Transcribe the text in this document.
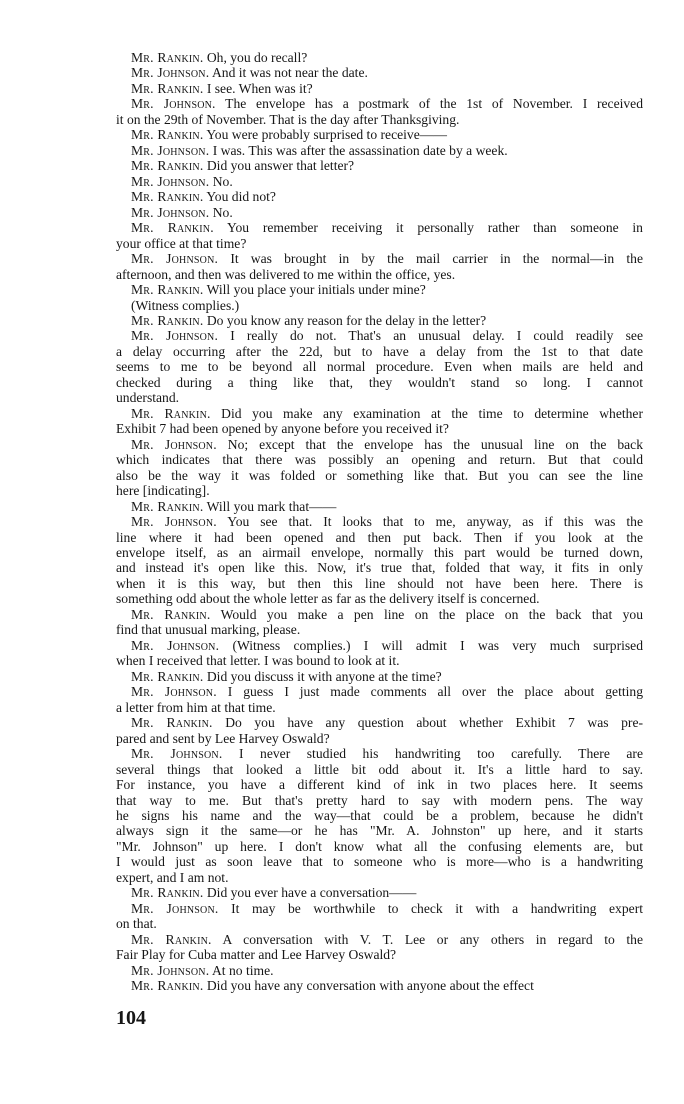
Mr. Rankin. Oh, you do recall?
Mr. Johnson. And it was not near the date.
Mr. Rankin. I see. When was it?
Mr. Johnson. The envelope has a postmark of the 1st of November. I received
it on the 29th of November. That is the day after Thanksgiving.
Mr. Rankin. You were probably surprised to receive——
Mr. Johnson. I was. This was after the assassination date by a week.
Mr. Rankin. Did you answer that letter?
Mr. Johnson. No.
Mr. Rankin. You did not?
Mr. Johnson. No.
Mr. Rankin. You remember receiving it personally rather than someone in
your office at that time?
Mr. Johnson. It was brought in by the mail carrier in the normal—in the
afternoon, and then was delivered to me within the office, yes.
Mr. Rankin. Will you place your initials under mine?
(Witness complies.)
Mr. Rankin. Do you know any reason for the delay in the letter?
Mr. Johnson. I really do not. That's an unusual delay. I could readily see
a delay occurring after the 22d, but to have a delay from the 1st to that date
seems to me to be beyond all normal procedure. Even when mails are held and
checked during a thing like that, they wouldn't stand so long. I cannot
understand.
Mr. Rankin. Did you make any examination at the time to determine whether
Exhibit 7 had been opened by anyone before you received it?
Mr. Johnson. No; except that the envelope has the unusual line on the back
which indicates that there was possibly an opening and return. But that could
also be the way it was folded or something like that. But you can see the line
here [indicating].
Mr. Rankin. Will you mark that——
Mr. Johnson. You see that. It looks that to me, anyway, as if this was the
line where it had been opened and then put back. Then if you look at the
envelope itself, as an airmail envelope, normally this part would be turned down,
and instead it's open like this. Now, it's true that, folded that way, it fits in only
when it is this way, but then this line should not have been here. There is
something odd about the whole letter as far as the delivery itself is concerned.
Mr. Rankin. Would you make a pen line on the place on the back that you
find that unusual marking, please.
Mr. Johnson. (Witness complies.) I will admit I was very much surprised
when I received that letter. I was bound to look at it.
Mr. Rankin. Did you discuss it with anyone at the time?
Mr. Johnson. I guess I just made comments all over the place about getting
a letter from him at that time.
Mr. Rankin. Do you have any question about whether Exhibit 7 was pre-
pared and sent by Lee Harvey Oswald?
Mr. Johnson. I never studied his handwriting too carefully. There are
several things that looked a little bit odd about it. It's a little hard to say.
For instance, you have a different kind of ink in two places here. It seems
that way to me. But that's pretty hard to say with modern pens. The way
he signs his name and the way—that could be a problem, because he didn't
always sign it the same—or he has "Mr. A. Johnston" up here, and it starts
"Mr. Johnson" up here. I don't know what all the confusing elements are, but
I would just as soon leave that to someone who is more—who is a handwriting
expert, and I am not.
Mr. Rankin. Did you ever have a conversation——
Mr. Johnson. It may be worthwhile to check it with a handwriting expert
on that.
Mr. Rankin. A conversation with V. T. Lee or any others in regard to the
Fair Play for Cuba matter and Lee Harvey Oswald?
Mr. Johnson. At no time.
Mr. Rankin. Did you have any conversation with anyone about the effect
104
